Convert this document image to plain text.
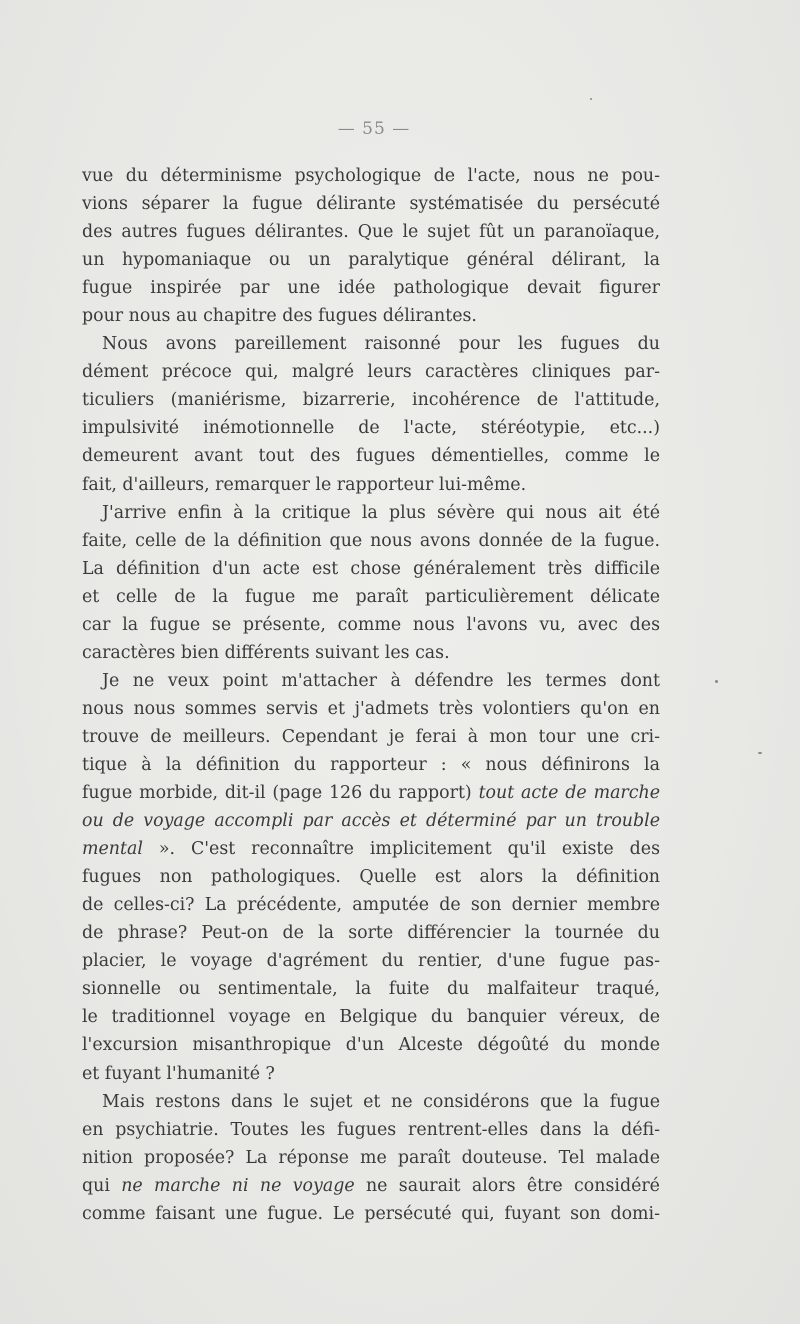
— 55 —
vue du déterminisme psychologique de l'acte, nous ne pou-
vions séparer la fugue délirante systématisée du persécuté
des autres fugues délirantes. Que le sujet fût un paranoïaque,
un hypomaniaque ou un paralytique général délirant, la
fugue inspirée par une idée pathologique devait figurer
pour nous au chapitre des fugues délirantes.
Nous avons pareillement raisonné pour les fugues du
dément précoce qui, malgré leurs caractères cliniques par-
ticuliers (maniérisme, bizarrerie, incohérence de l'attitude,
impulsivité inémotionnelle de l'acte, stéréotypie, etc...)
demeurent avant tout des fugues démentielles, comme le
fait, d'ailleurs, remarquer le rapporteur lui-même.
J'arrive enfin à la critique la plus sévère qui nous ait été
faite, celle de la définition que nous avons donnée de la fugue.
La définition d'un acte est chose généralement très difficile
et celle de la fugue me paraît particulièrement délicate
car la fugue se présente, comme nous l'avons vu, avec des
caractères bien différents suivant les cas.
Je ne veux point m'attacher à défendre les termes dont
nous nous sommes servis et j'admets très volontiers qu'on en
trouve de meilleurs. Cependant je ferai à mon tour une cri-
tique à la définition du rapporteur : « nous définirons la
fugue morbide, dit-il (page 126 du rapport) tout acte de marche
ou de voyage accompli par accès et déterminé par un trouble
mental ». C'est reconnaître implicitement qu'il existe des
fugues non pathologiques. Quelle est alors la définition
de celles-ci? La précédente, amputée de son dernier membre
de phrase? Peut-on de la sorte différencier la tournée du
placier, le voyage d'agrément du rentier, d'une fugue pas-
sionnelle ou sentimentale, la fuite du malfaiteur traqué,
le traditionnel voyage en Belgique du banquier véreux, de
l'excursion misanthropique d'un Alceste dégoûté du monde
et fuyant l'humanité ?
Mais restons dans le sujet et ne considérons que la fugue
en psychiatrie. Toutes les fugues rentrent-elles dans la défi-
nition proposée? La réponse me paraît douteuse. Tel malade
qui ne marche ni ne voyage ne saurait alors être considéré
comme faisant une fugue. Le persécuté qui, fuyant son domi-
